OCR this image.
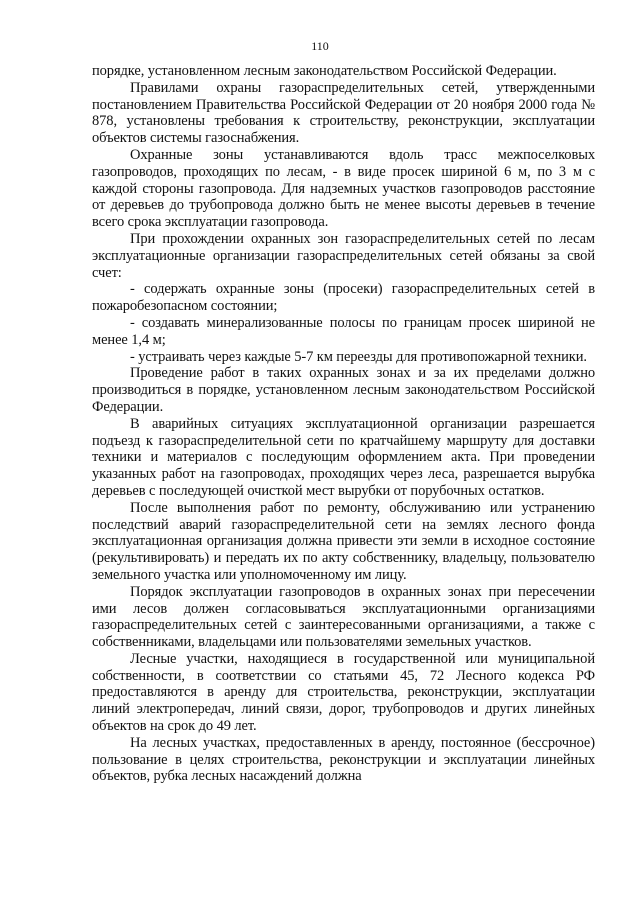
110

порядке, установленном лесным законодательством Российской Федерации.

Правилами охраны газораспределительных сетей, утвержденными постановлением Правительства Российской Федерации от 20 ноября 2000 года № 878, установлены требования к строительству, реконструкции, эксплуатации объектов системы газоснабжения.

Охранные зоны устанавливаются вдоль трасс межпоселковых газопроводов, проходящих по лесам, - в виде просек шириной 6 м, по 3 м с каждой стороны газопровода. Для надземных участков газопроводов расстояние от деревьев до трубопровода должно быть не менее высоты деревьев в течение всего срока эксплуатации газопровода.

При прохождении охранных зон газораспределительных сетей по лесам эксплуатационные организации газораспределительных сетей обязаны за свой счет:

- содержать охранные зоны (просеки) газораспределительных сетей в пожаробезопасном состоянии;

- создавать минерализованные полосы по границам просек шириной не менее 1,4 м;

- устраивать через каждые 5-7 км переезды для противопожарной техники.

Проведение работ в таких охранных зонах и за их пределами должно производиться в порядке, установленном лесным законодательством Российской Федерации.

В аварийных ситуациях эксплуатационной организации разрешается подъезд к газораспределительной сети по кратчайшему маршруту для доставки техники и материалов с последующим оформлением акта. При проведении указанных работ на газопроводах, проходящих через леса, разрешается вырубка деревьев с последующей очисткой мест вырубки от порубочных остатков.

После выполнения работ по ремонту, обслуживанию или устранению последствий аварий газораспределительной сети на землях лесного фонда эксплуатационная организация должна привести эти земли в исходное состояние (рекультивировать) и передать их по акту собственнику, владельцу, пользователю земельного участка или уполномоченному им лицу.

Порядок эксплуатации газопроводов в охранных зонах при пересечении ими лесов должен согласовываться эксплуатационными организациями газораспределительных сетей с заинтересованными организациями, а также с собственниками, владельцами или пользователями земельных участков.

Лесные участки, находящиеся в государственной или муниципальной собственности, в соответствии со статьями 45, 72 Лесного кодекса РФ предоставляются в аренду для строительства, реконструкции, эксплуатации линий электропередач, линий связи, дорог, трубопроводов и других линейных объектов на срок до 49 лет.

На лесных участках, предоставленных в аренду, постоянное (бессрочное) пользование в целях строительства, реконструкции и эксплуатации линейных объектов, рубка лесных насаждений должна
